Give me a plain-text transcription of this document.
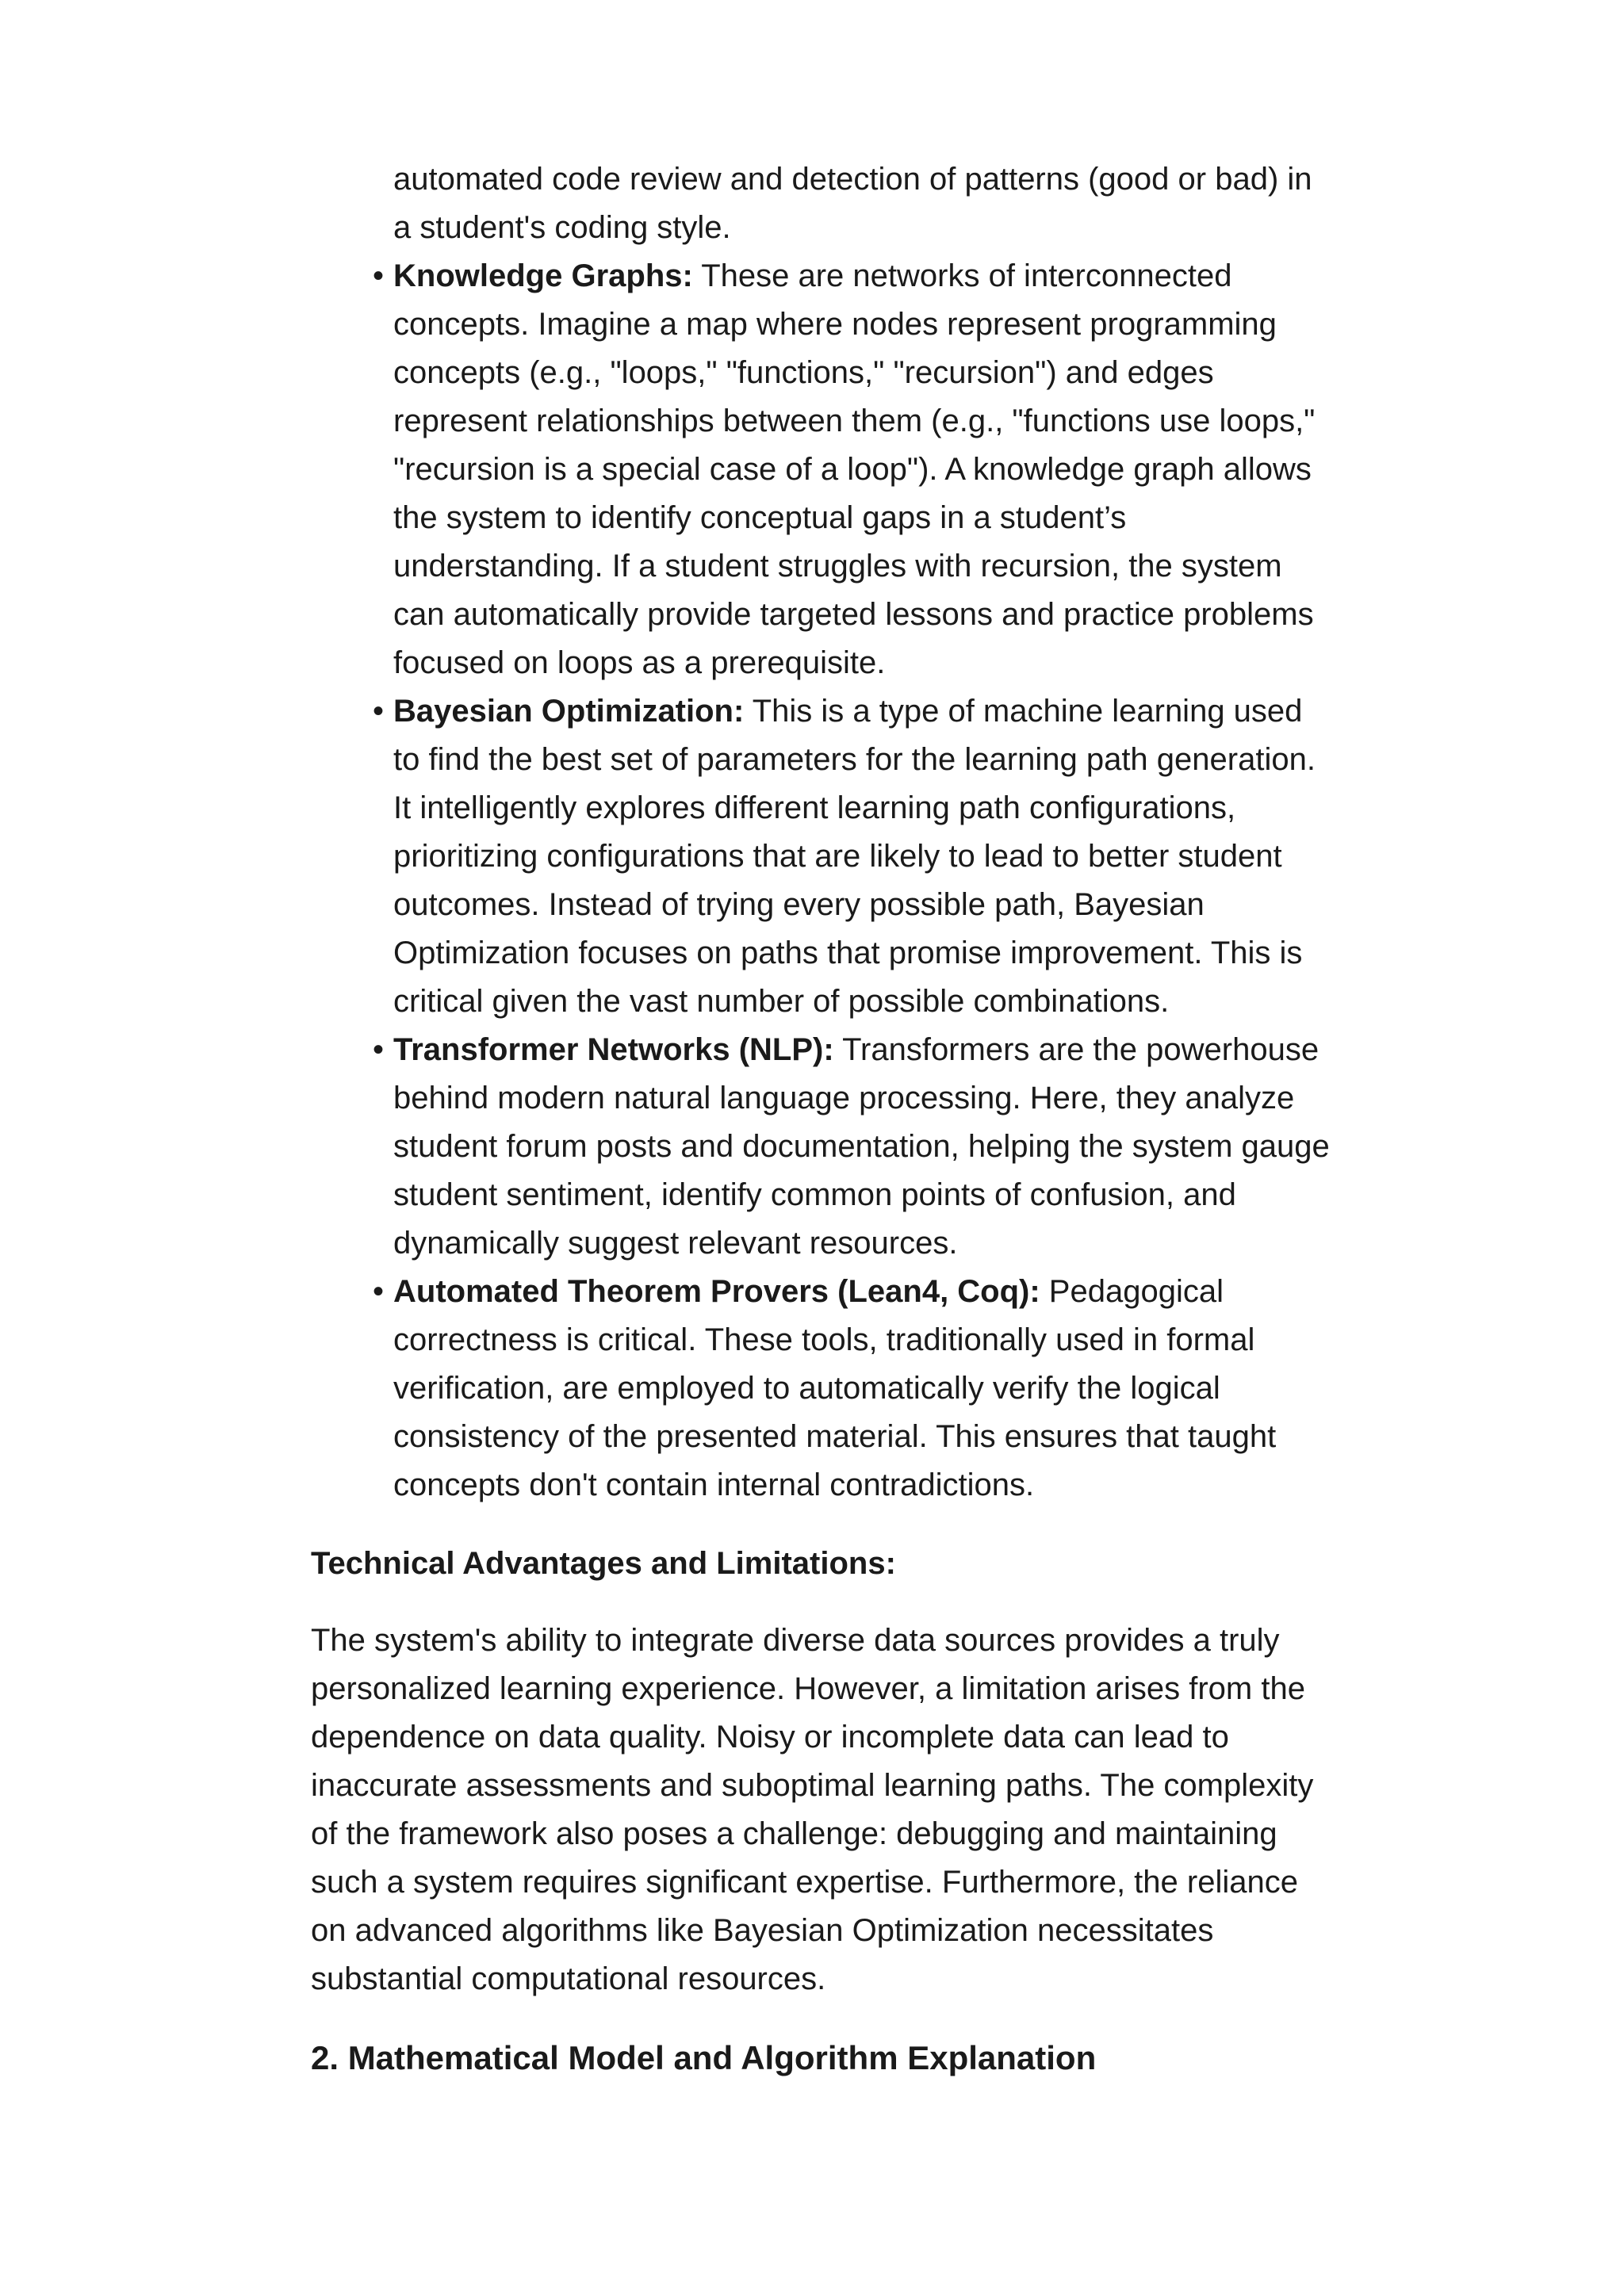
automated code review and detection of patterns (good or bad) in a student's coding style.

• Knowledge Graphs: These are networks of interconnected concepts. Imagine a map where nodes represent programming concepts (e.g., "loops," "functions," "recursion") and edges represent relationships between them (e.g., "functions use loops," "recursion is a special case of a loop"). A knowledge graph allows the system to identify conceptual gaps in a student’s understanding. If a student struggles with recursion, the system can automatically provide targeted lessons and practice problems focused on loops as a prerequisite.
• Bayesian Optimization: This is a type of machine learning used to find the best set of parameters for the learning path generation. It intelligently explores different learning path configurations, prioritizing configurations that are likely to lead to better student outcomes. Instead of trying every possible path, Bayesian Optimization focuses on paths that promise improvement. This is critical given the vast number of possible combinations.
• Transformer Networks (NLP): Transformers are the powerhouse behind modern natural language processing. Here, they analyze student forum posts and documentation, helping the system gauge student sentiment, identify common points of confusion, and dynamically suggest relevant resources.
• Automated Theorem Provers (Lean4, Coq): Pedagogical correctness is critical. These tools, traditionally used in formal verification, are employed to automatically verify the logical consistency of the presented material. This ensures that taught concepts don't contain internal contradictions.
Technical Advantages and Limitations:

The system's ability to integrate diverse data sources provides a truly personalized learning experience. However, a limitation arises from the dependence on data quality. Noisy or incomplete data can lead to inaccurate assessments and suboptimal learning paths. The complexity of the framework also poses a challenge: debugging and maintaining such a system requires significant expertise. Furthermore, the reliance on advanced algorithms like Bayesian Optimization necessitates substantial computational resources.

2. Mathematical Model and Algorithm Explanation
